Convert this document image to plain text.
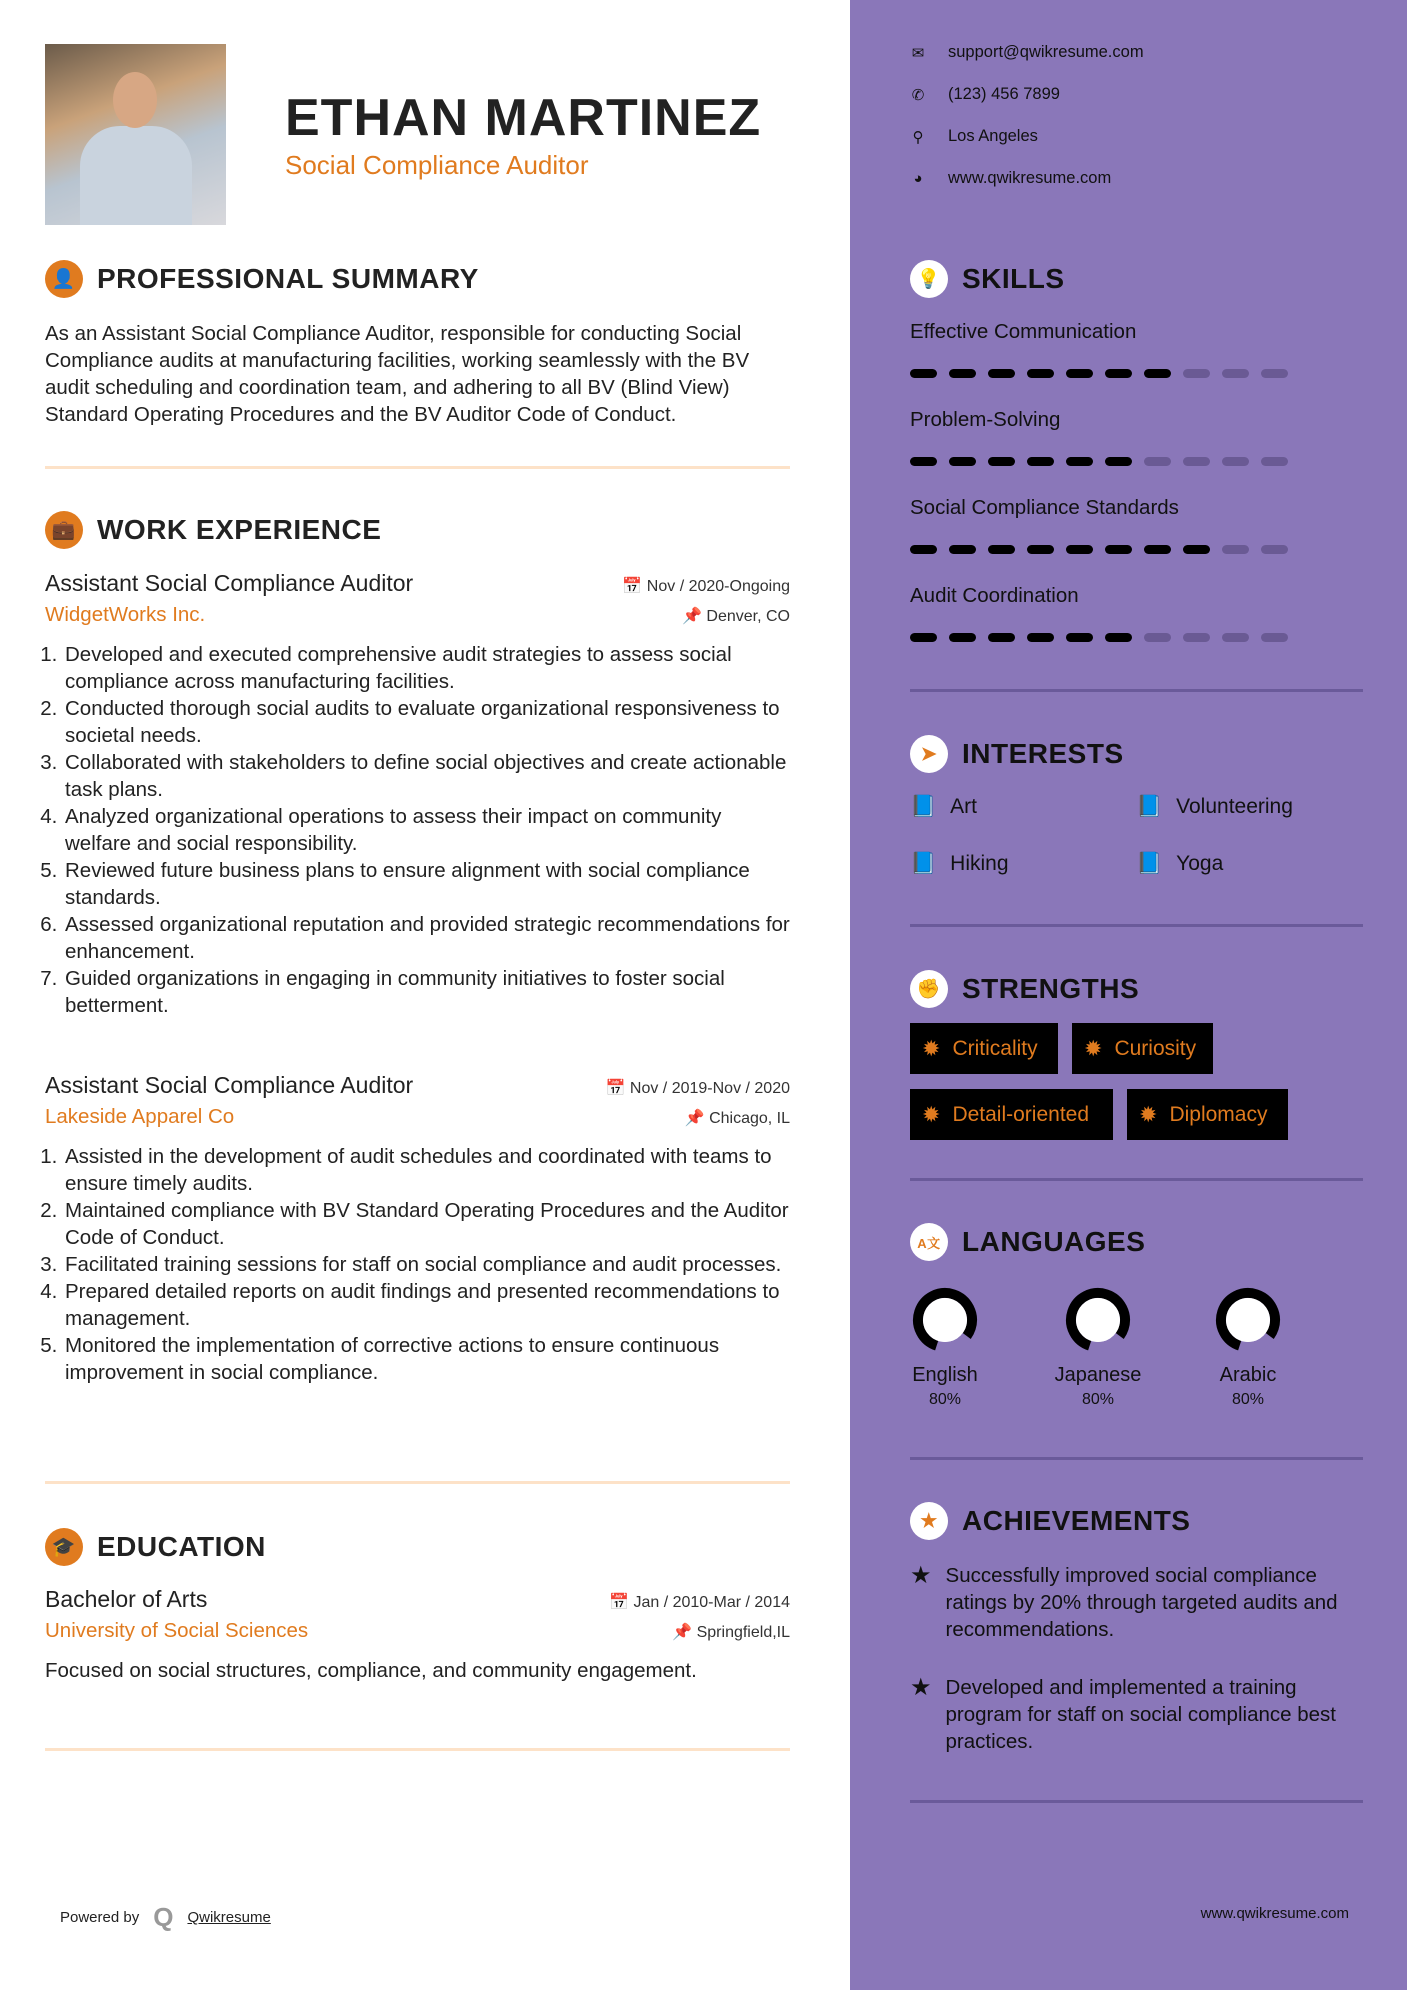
ETHAN MARTINEZ
Social Compliance Auditor
👤 PROFESSIONAL SUMMARY
As an Assistant Social Compliance Auditor, responsible for conducting Social Compliance audits at manufacturing facilities, working seamlessly with the BV audit scheduling and coordination team, and adhering to all BV (Blind View) Standard Operating Procedures and the BV Auditor Code of Conduct.
💼 WORK EXPERIENCE
Assistant Social Compliance Auditor	📅 Nov / 2020-Ongoing
WidgetWorks Inc.	📌 Denver, CO
1. Developed and executed comprehensive audit strategies to assess social compliance across manufacturing facilities.
2. Conducted thorough social audits to evaluate organizational responsiveness to societal needs.
3. Collaborated with stakeholders to define social objectives and create actionable task plans.
4. Analyzed organizational operations to assess their impact on community welfare and social responsibility.
5. Reviewed future business plans to ensure alignment with social compliance standards.
6. Assessed organizational reputation and provided strategic recommendations for enhancement.
7. Guided organizations in engaging in community initiatives to foster social betterment.
Assistant Social Compliance Auditor	📅 Nov / 2019-Nov / 2020
Lakeside Apparel Co	📌 Chicago, IL
1. Assisted in the development of audit schedules and coordinated with teams to ensure timely audits.
2. Maintained compliance with BV Standard Operating Procedures and the Auditor Code of Conduct.
3. Facilitated training sessions for staff on social compliance and audit processes.
4. Prepared detailed reports on audit findings and presented recommendations to management.
5. Monitored the implementation of corrective actions to ensure continuous improvement in social compliance.
🎓 EDUCATION
Bachelor of Arts	📅 Jan / 2010-Mar / 2014
University of Social Sciences	📌 Springfield,IL
Focused on social structures, compliance, and community engagement.
Powered by Q Qwikresume
✉ support@qwikresume.com
✆ (123) 456 7899
⚲ Los Angeles
◕ www.qwikresume.com
💡 SKILLS
Effective Communication
Problem-Solving
Social Compliance Standards
Audit Coordination
➤ INTERESTS
📘 Art	📘 Volunteering
📘 Hiking	📘 Yoga
✊ STRENGTHS
✹ Criticality ✹ Curiosity
✹ Detail-oriented ✹ Diplomacy
A文 LANGUAGES
English
80%
Japanese
80%
Arabic
80%
★ ACHIEVEMENTS
★ Successfully improved social compliance ratings by 20% through targeted audits and recommendations.
★ Developed and implemented a training program for staff on social compliance best practices.
www.qwikresume.com
